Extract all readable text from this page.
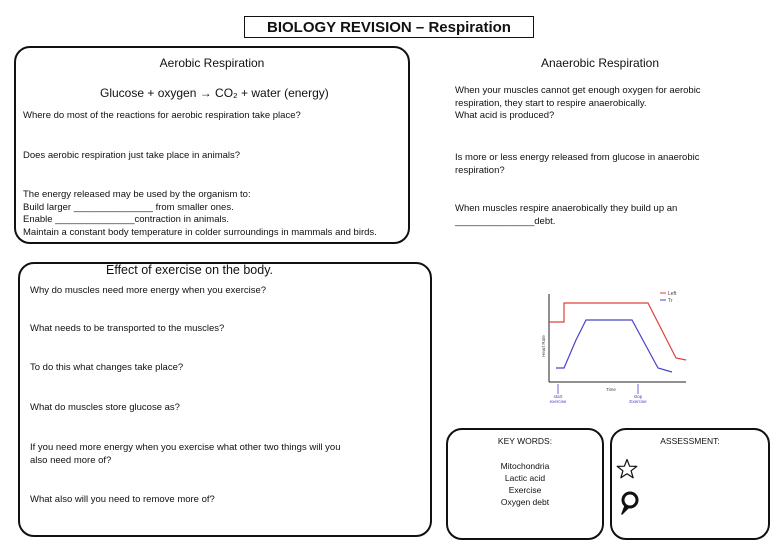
BIOLOGY REVISION – Respiration
Aerobic Respiration
Glucose + oxygen → CO₂ + water (energy)
Where do most of the reactions for aerobic respiration take place?
Does aerobic respiration just take place in animals?
The energy released may be used by the organism to:
Build larger _______________ from smaller ones.
Enable _______________contraction in animals.
Maintain a constant body temperature in colder surroundings in mammals and birds.
Anaerobic Respiration
When your muscles cannot get enough oxygen for aerobic
respiration, they start to respire anaerobically.
What acid is produced?
Is more or less energy released from glucose in anaerobic
respiration?
When muscles respire anaerobically they build up an
_______________debt.
Effect of exercise on the body.
Why do muscles need more energy when you exercise?
What needs to be transported to the muscles?
To do this what changes take place?
What do muscles store glucose as?
If you need more energy when you exercise what other two things will you
also need more of?
What also will you need to remove more of?
Left
Tr
Heart Rate
Time
start
exercise
stop
Exercise
KEY WORDS:
Mitochondria
Lactic acid
Exercise
Oxygen debt
ASSESSMENT:
